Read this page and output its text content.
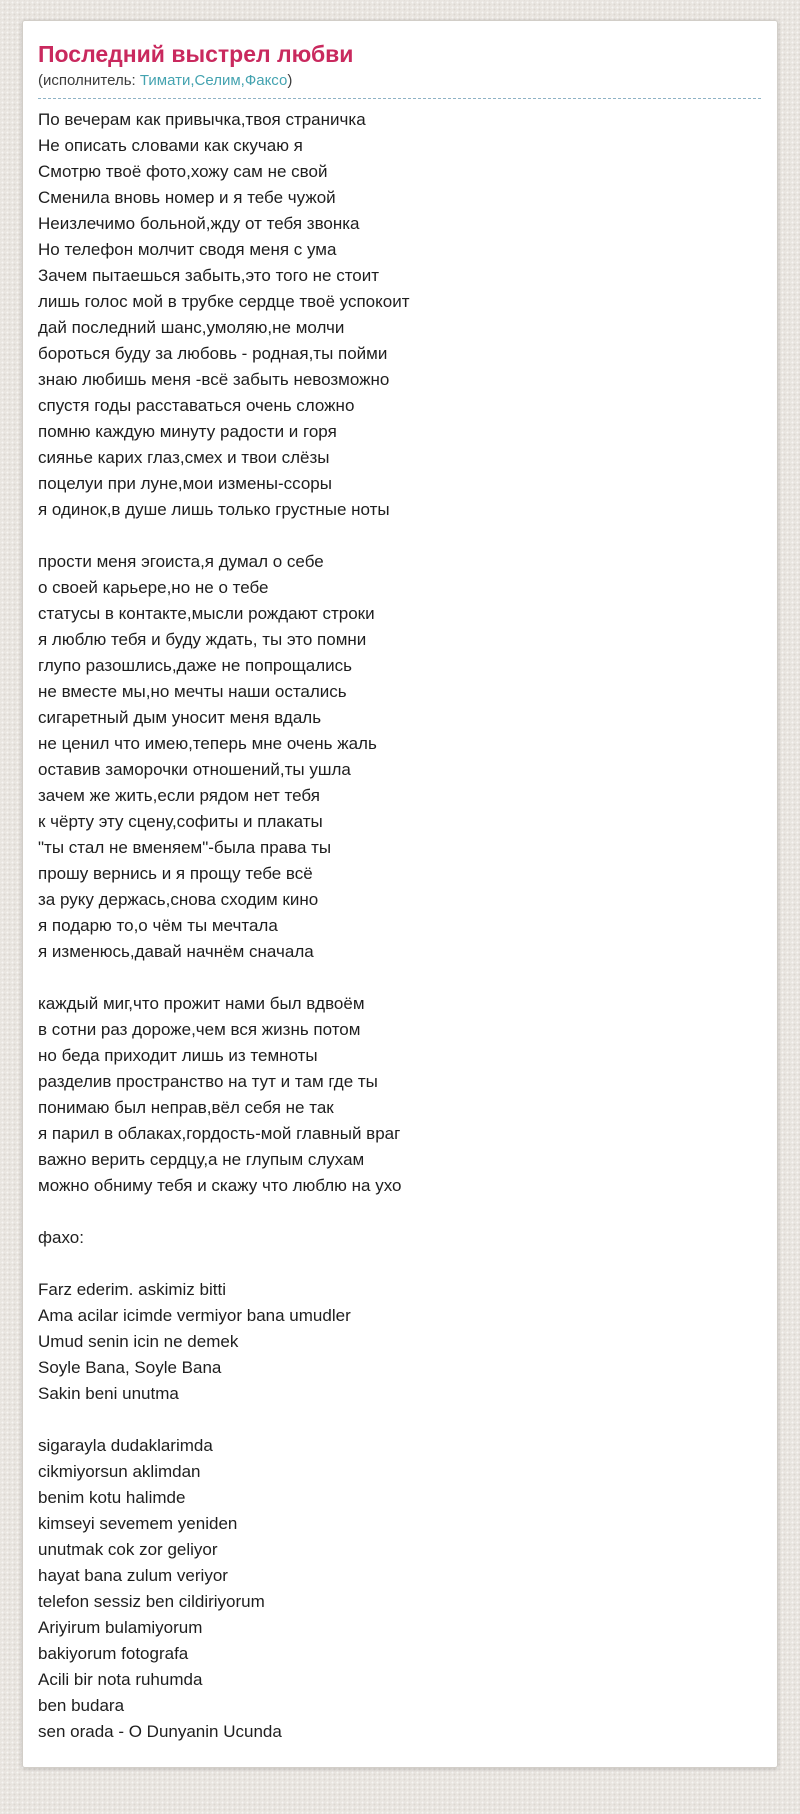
Последний выстрел любви
(исполнитель: Тимати,Селим,Факсо)

По вечерам как привычка,твоя страничка
Не описать словами как скучаю я
Смотрю твоё фото,хожу сам не свой
Сменила вновь номер и я тебе чужой
Неизлечимо больной,жду от тебя звонка
Но телефон молчит сводя меня с ума
Зачем пытаешься забыть,это того не стоит
лишь голос мой в трубке сердце твоё успокоит
дай последний шанс,умоляю,не молчи
бороться буду за любовь - родная,ты пойми
знаю любишь меня -всё забыть невозможно
спустя годы расставаться очень сложно
помню каждую минуту радости и горя
сиянье карих глаз,смех и твои слёзы
поцелуи при луне,мои измены-ссоры
я одинок,в душе лишь только грустные ноты

прости меня эгоиста,я думал о себе
о своей карьере,но не о тебе
статусы в контакте,мысли рождают строки
я люблю тебя и буду ждать, ты это помни
глупо разошлись,даже не попрощались
не вместе мы,но мечты наши остались
сигаретный дым уносит меня вдаль
не ценил что имею,теперь мне очень жаль
оставив заморочки отношений,ты ушла
зачем же жить,если рядом нет тебя
к чёрту эту сцену,софиты и плакаты
"ты стал не вменяем"-была права ты
прошу вернись и я прощу тебе всё
за руку держась,снова сходим кино
я подарю то,о чём ты мечтала
я изменюсь,давай начнём сначала

каждый миг,что прожит нами был вдвоём
в сотни раз дороже,чем вся жизнь потом
но беда приходит лишь из темноты
разделив пространство на тут и там где ты
понимаю был неправ,вёл себя не так
я парил в облаках,гордость-мой главный враг
важно верить сердцу,а не глупым слухам
можно обниму тебя и скажу что люблю на ухо

фахо:

Farz ederim. askimiz bitti
Ama acilar icimde vermiyor bana umudler
Umud senin icin ne demek
Soyle Bana, Soyle Bana
Sakin beni unutma

sigarayla dudaklarimda
cikmiyorsun aklimdan
benim kotu halimde
kimseyi sevemem yeniden
unutmak cok zor geliyor
hayat bana zulum veriyor
telefon sessiz ben cildiriyorum
Ariyirum bulamiyorum
bakiyorum fotografa
Acili bir nota ruhumda
ben budara
sen orada - O Dunyanin Ucunda
